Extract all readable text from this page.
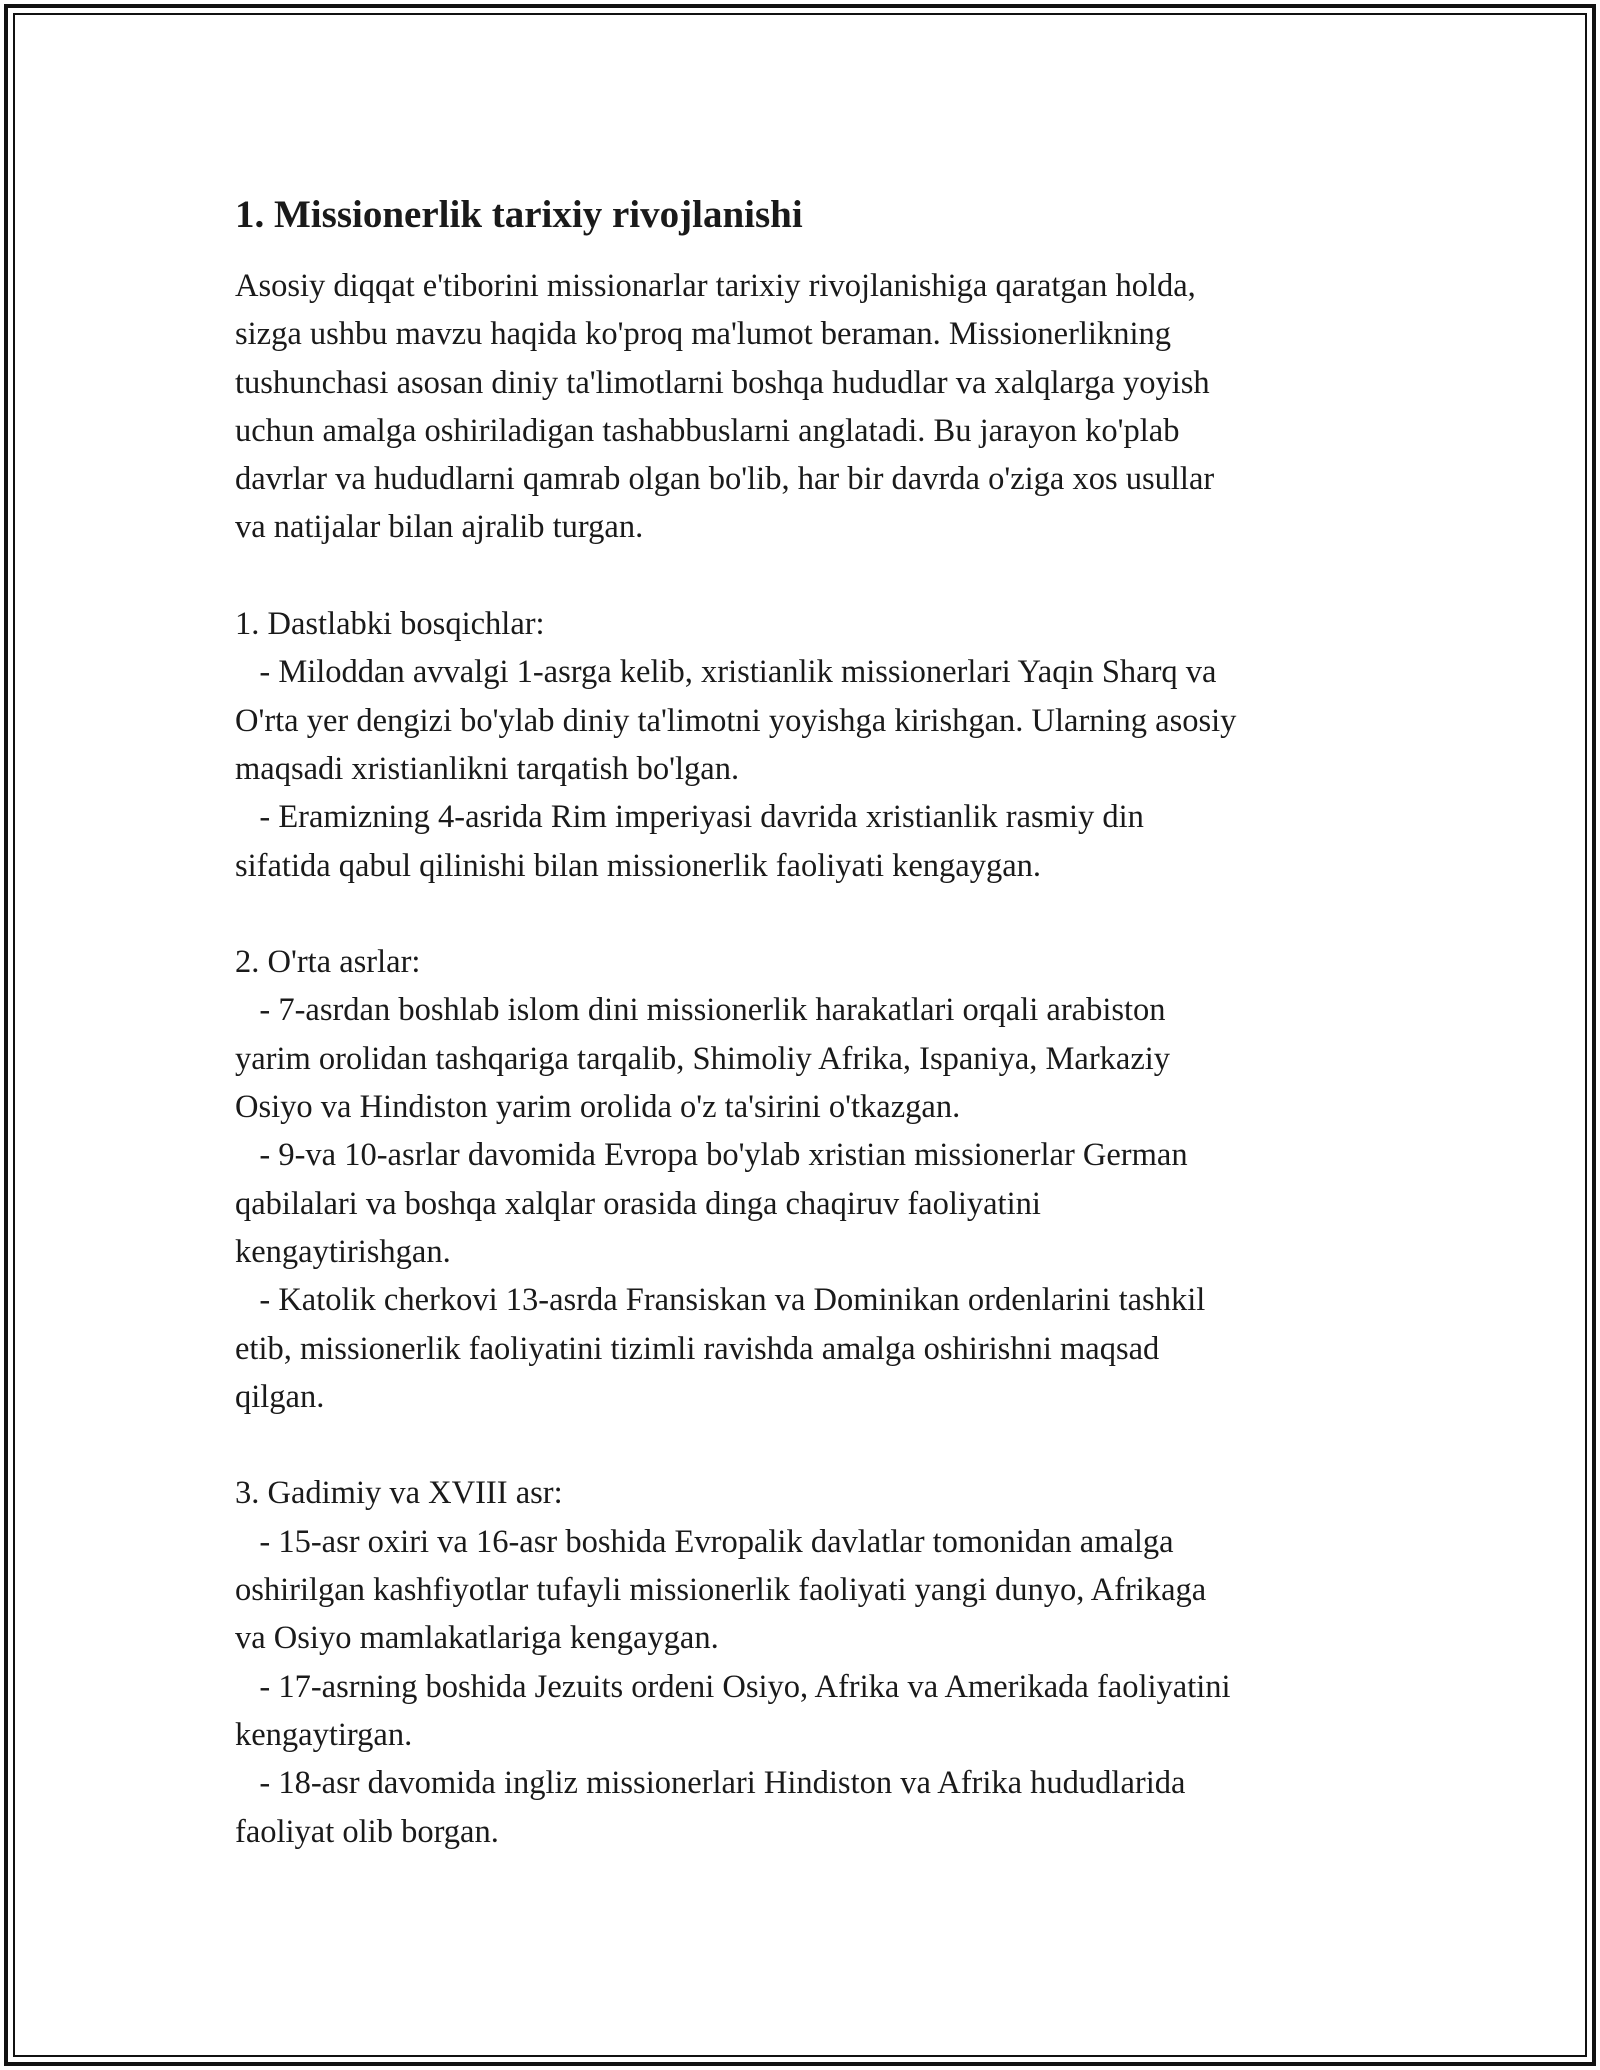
1. Missionerlik tarixiy rivojlanishi

Asosiy diqqat e'tiborini missionarlar tarixiy rivojlanishiga qaratgan holda,

sizga ushbu mavzu haqida ko'proq ma'lumot beraman. Missionerlikning

tushunchasi asosan diniy ta'limotlarni boshqa hududlar va xalqlarga yoyish

uchun amalga oshiriladigan tashabbuslarni anglatadi. Bu jarayon ko'plab

davrlar va hududlarni qamrab olgan bo'lib, har bir davrda o'ziga xos usullar

va natijalar bilan ajralib turgan.

1. Dastlabki bosqichlar:

- Miloddan avvalgi 1-asrga kelib, xristianlik missionerlari Yaqin Sharq va

O'rta yer dengizi bo'ylab diniy ta'limotni yoyishga kirishgan. Ularning asosiy

maqsadi xristianlikni tarqatish bo'lgan.

- Eramizning 4-asrida Rim imperiyasi davrida xristianlik rasmiy din

sifatida qabul qilinishi bilan missionerlik faoliyati kengaygan.

2. O'rta asrlar:

- 7-asrdan boshlab islom dini missionerlik harakatlari orqali arabiston

yarim orolidan tashqariga tarqalib, Shimoliy Afrika, Ispaniya, Markaziy

Osiyo va Hindiston yarim orolida o'z ta'sirini o'tkazgan.

- 9-va 10-asrlar davomida Evropa bo'ylab xristian missionerlar German

qabilalari va boshqa xalqlar orasida dinga chaqiruv faoliyatini

kengaytirishgan.

- Katolik cherkovi 13-asrda Fransiskan va Dominikan ordenlarini tashkil

etib, missionerlik faoliyatini tizimli ravishda amalga oshirishni maqsad

qilgan.

3. Gadimiy va XVIII asr:

- 15-asr oxiri va 16-asr boshida Evropalik davlatlar tomonidan amalga

oshirilgan kashfiyotlar tufayli missionerlik faoliyati yangi dunyo, Afrikaga

va Osiyo mamlakatlariga kengaygan.

- 17-asrning boshida Jezuits ordeni Osiyo, Afrika va Amerikada faoliyatini

kengaytirgan.

- 18-asr davomida ingliz missionerlari Hindiston va Afrika hududlarida

faoliyat olib borgan.
